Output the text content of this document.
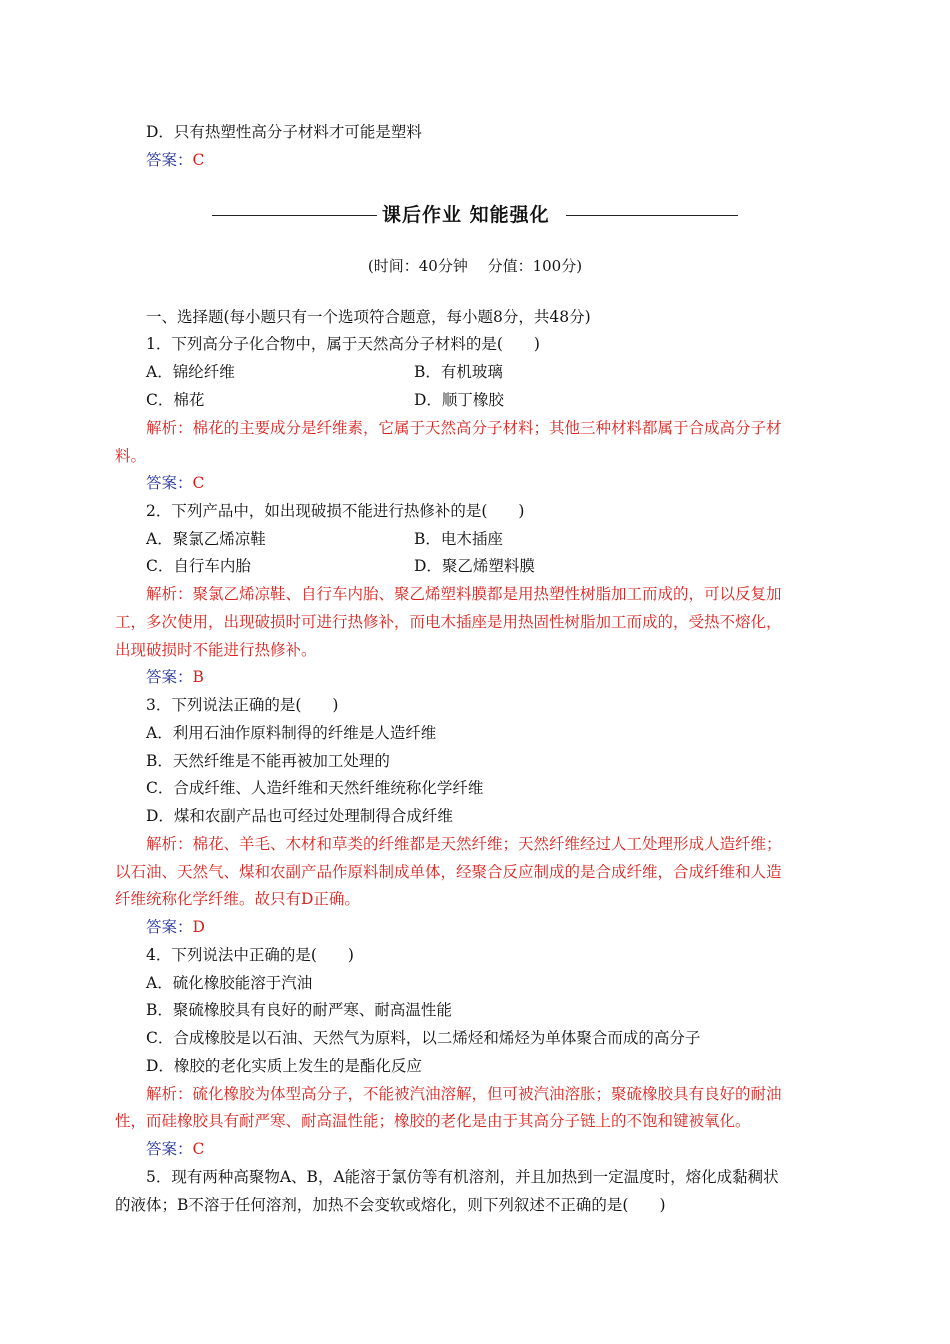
D．只有热塑性高分子材料才可能是塑料
答案：C
课后作业 知能强化
(时间：40分钟　 分值：100分)
一、选择题(每小题只有一个选项符合题意，每小题8分，共48分)
1．下列高分子化合物中，属于天然高分子材料的是(　　)
A．锦纶纤维	B．有机玻璃
C．棉花	D．顺丁橡胶
解析：棉花的主要成分是纤维素，它属于天然高分子材料；其他三种材料都属于合成高分子材
料。
答案：C
2．下列产品中，如出现破损不能进行热修补的是(　　)
A．聚氯乙烯凉鞋	B．电木插座
C．自行车内胎	D．聚乙烯塑料膜
解析：聚氯乙烯凉鞋、自行车内胎、聚乙烯塑料膜都是用热塑性树脂加工而成的，可以反复加
工，多次使用，出现破损时可进行热修补，而电木插座是用热固性树脂加工而成的，受热不熔化，
出现破损时不能进行热修补。
答案：B
3．下列说法正确的是(　　)
A．利用石油作原料制得的纤维是人造纤维
B．天然纤维是不能再被加工处理的
C．合成纤维、人造纤维和天然纤维统称化学纤维
D．煤和农副产品也可经过处理制得合成纤维
解析：棉花、羊毛、木材和草类的纤维都是天然纤维；天然纤维经过人工处理形成人造纤维；
以石油、天然气、煤和农副产品作原料制成单体，经聚合反应制成的是合成纤维，合成纤维和人造
纤维统称化学纤维。故只有D正确。
答案：D
4．下列说法中正确的是(　　)
A．硫化橡胶能溶于汽油
B．聚硫橡胶具有良好的耐严寒、耐高温性能
C．合成橡胶是以石油、天然气为原料，以二烯烃和烯烃为单体聚合而成的高分子
D．橡胶的老化实质上发生的是酯化反应
解析：硫化橡胶为体型高分子，不能被汽油溶解，但可被汽油溶胀；聚硫橡胶具有良好的耐油
性，而硅橡胶具有耐严寒、耐高温性能；橡胶的老化是由于其高分子链上的不饱和键被氧化。
答案：C
5．现有两种高聚物A、B，A能溶于氯仿等有机溶剂，并且加热到一定温度时，熔化成黏稠状
的液体；B不溶于任何溶剂，加热不会变软或熔化，则下列叙述不正确的是(　　)
